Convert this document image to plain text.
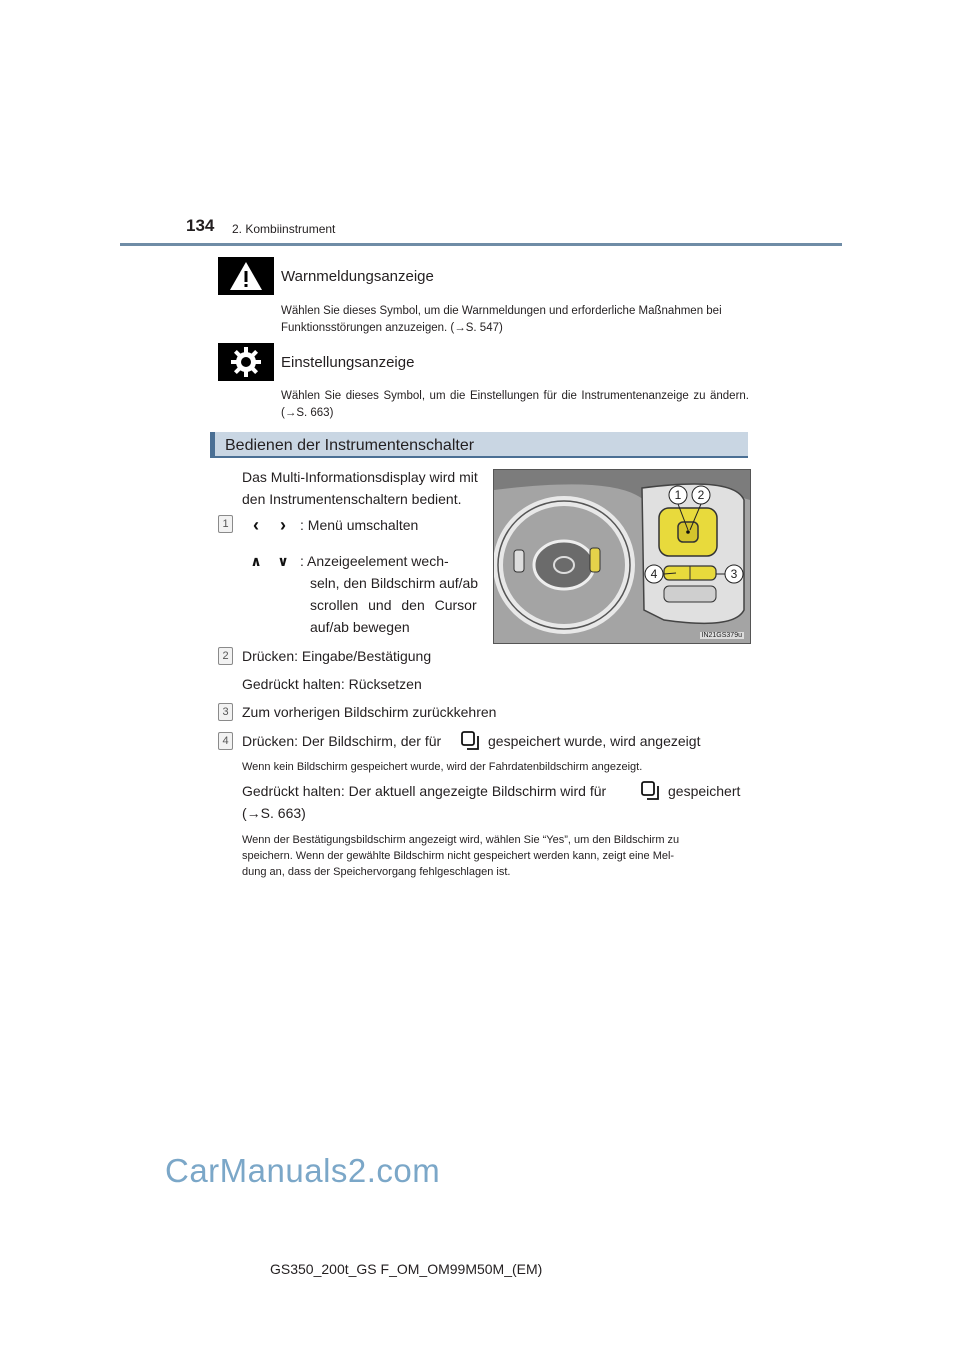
134 2. Kombiinstrument
Warnmeldungsanzeige
Wählen Sie dieses Symbol, um die Warnmeldungen und erforderliche Maßnahmen bei Funktionsstörungen anzuzeigen. (→S. 547)
Einstellungsanzeige
Wählen Sie dieses Symbol, um die Einstellungen für die Instrumentenanzeige zu ändern. (→S. 663)
Bedienen der Instrumentenschalter
Das Multi-Informationsdisplay wird mit den Instrumentenschaltern bedient.
1	‹	›	: Menü umschalten
∧	∨ : Anzeigeelement wech-
seln, den Bildschirm auf/ab
scrollen und den Cursor
auf/ab bewegen
1 2
3
4
IN21GS379u
2 Drücken: Eingabe/Bestätigung
Gedrückt halten: Rücksetzen
3 Zum vorherigen Bildschirm zurückkehren
4 Drücken: Der Bildschirm, der für	gespeichert wurde, wird angezeigt
Wenn kein Bildschirm gespeichert wurde, wird der Fahrdatenbildschirm angezeigt.
Gedrückt halten: Der aktuell angezeigte Bildschirm wird für	gespeichert
(→S. 663)
Wenn der Bestätigungsbildschirm angezeigt wird, wählen Sie “Yes”, um den Bildschirm zu
speichern. Wenn der gewählte Bildschirm nicht gespeichert werden kann, zeigt eine Mel-
dung an, dass der Speichervorgang fehlgeschlagen ist.
CarManuals2.com
GS350_200t_GS F_OM_OM99M50M_(EM)
